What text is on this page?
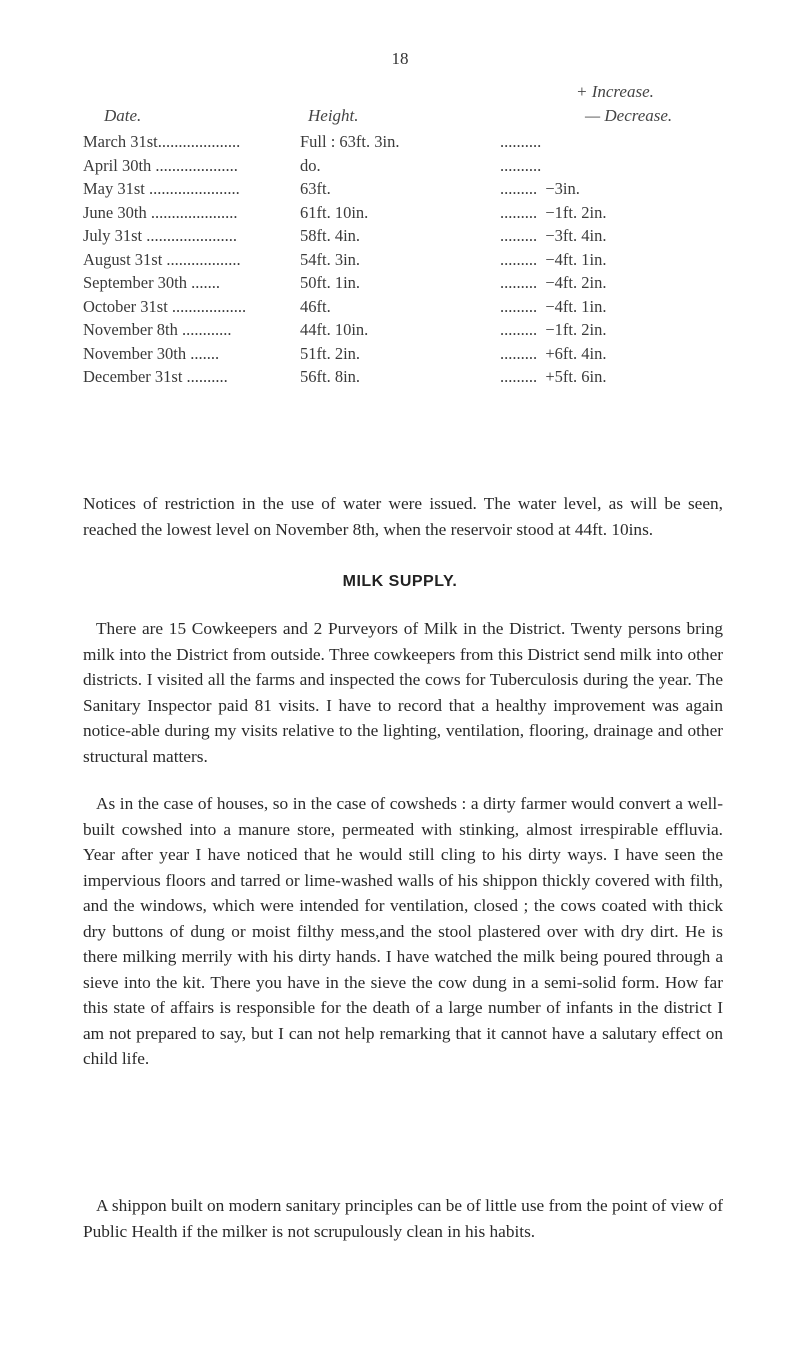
18
Date.	Height.
+ Increase.
— Decrease.
March 31st....................	Full : 63ft. 3in.	..........
April 30th ....................	do.	..........
May 31st ......................	63ft.	.........  −3in.
June 30th .....................	61ft. 10in.	.........  −1ft. 2in.
July 31st ......................	58ft. 4in.	.........  −3ft. 4in.
August 31st ..................	54ft. 3in.	.........  −4ft. 1in.
September 30th .......	50ft. 1in.	.........  −4ft. 2in.
October 31st ..................	46ft.	.........  −4ft. 1in.
November 8th ............	44ft. 10in.	.........  −1ft. 2in.
November 30th .......	51ft. 2in.	.........  +6ft. 4in.
December 31st ..........	56ft. 8in.	.........  +5ft. 6in.

Notices of restriction in the use of water were issued. The water level, as will be seen, reached the lowest level on November 8th, when the reservoir stood at 44ft. 10ins.

MILK SUPPLY.

There are 15 Cowkeepers and 2 Purveyors of Milk in the District. Twenty persons bring milk into the District from outside. Three cowkeepers from this District send milk into other districts. I visited all the farms and inspected the cows for Tuberculosis during the year. The Sanitary Inspector paid 81 visits. I have to record that a healthy improvement was again notice-able during my visits relative to the lighting, ventilation, flooring, drainage and other structural matters.

As in the case of houses, so in the case of cowsheds : a dirty farmer would convert a well-built cowshed into a manure store, permeated with stinking, almost irrespirable effluvia. Year after year I have noticed that he would still cling to his dirty ways. I have seen the impervious floors and tarred or lime-washed walls of his shippon thickly covered with filth, and the windows, which were intended for ventilation, closed ; the cows coated with thick dry buttons of dung or moist filthy mess,and the stool plastered over with dry dirt. He is there milking merrily with his dirty hands. I have watched the milk being poured through a sieve into the kit. There you have in the sieve the cow dung in a semi-solid form. How far this state of affairs is responsible for the death of a large number of infants in the district I am not prepared to say, but I can not help remarking that it cannot have a salutary effect on child life.

A shippon built on modern sanitary principles can be of little use from the point of view of Public Health if the milker is not scrupulously clean in his habits.
